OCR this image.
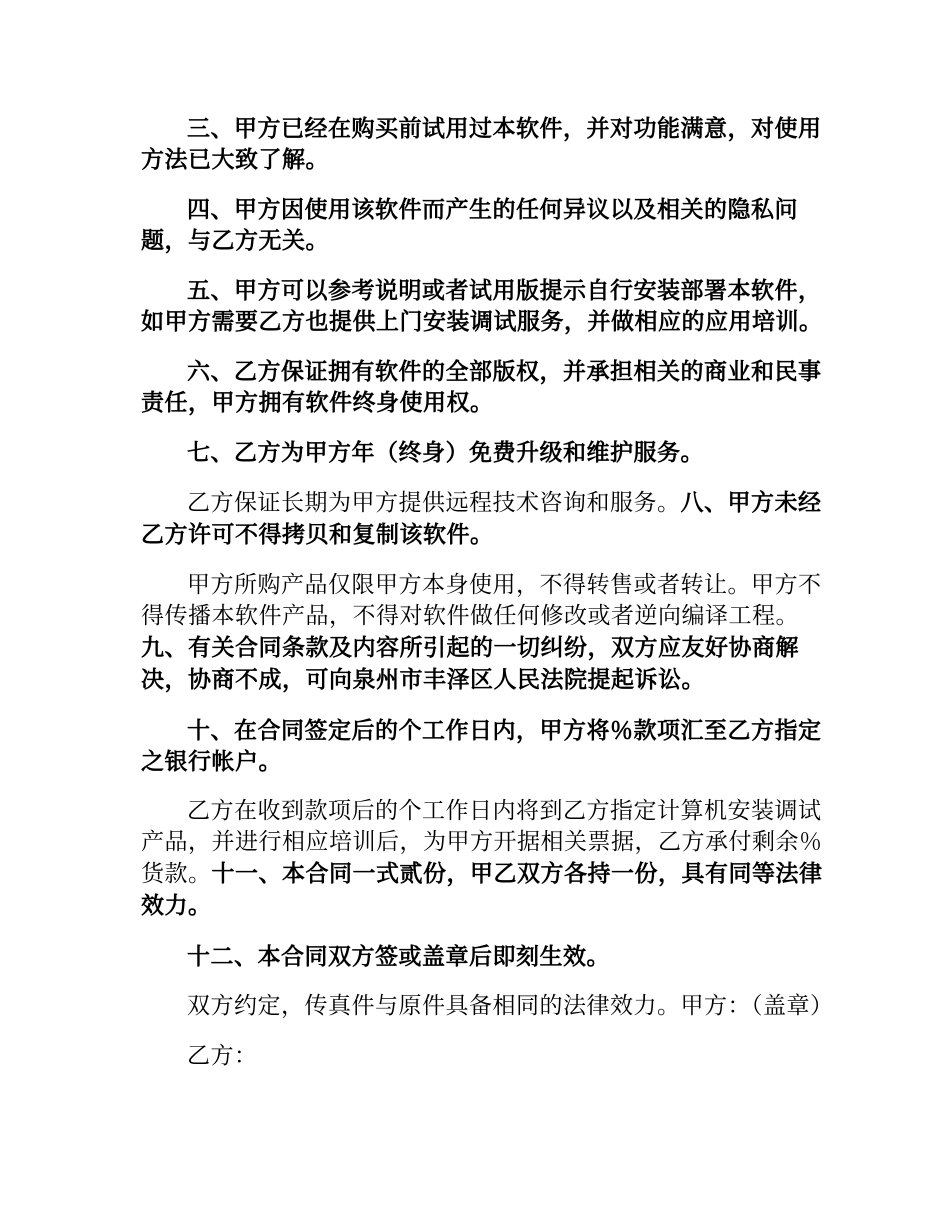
三、甲方已经在购买前试用过本软件，并对功能满意，对使用方法已大致了解。

四、甲方因使用该软件而产生的任何异议以及相关的隐私问题，与乙方无关。

五、甲方可以参考说明或者试用版提示自行安装部署本软件，如甲方需要乙方也提供上门安装调试服务，并做相应的应用培训。

六、乙方保证拥有软件的全部版权，并承担相关的商业和民事责任，甲方拥有软件终身使用权。

七、乙方为甲方年（终身）免费升级和维护服务。

乙方保证长期为甲方提供远程技术咨询和服务。八、甲方未经乙方许可不得拷贝和复制该软件。

甲方所购产品仅限甲方本身使用，不得转售或者转让。甲方不得传播本软件产品，不得对软件做任何修改或者逆向编译工程。九、有关合同条款及内容所引起的一切纠纷，双方应友好协商解决，协商不成，可向泉州市丰泽区人民法院提起诉讼。

十、在合同签定后的个工作日内，甲方将％款项汇至乙方指定之银行帐户。

乙方在收到款项后的个工作日内将到乙方指定计算机安装调试产品，并进行相应培训后，为甲方开据相关票据，乙方承付剩余％货款。十一、本合同一式贰份，甲乙双方各持一份，具有同等法律效力。

十二、本合同双方签或盖章后即刻生效。

双方约定，传真件与原件具备相同的法律效力。甲方：（盖章）

乙方：
